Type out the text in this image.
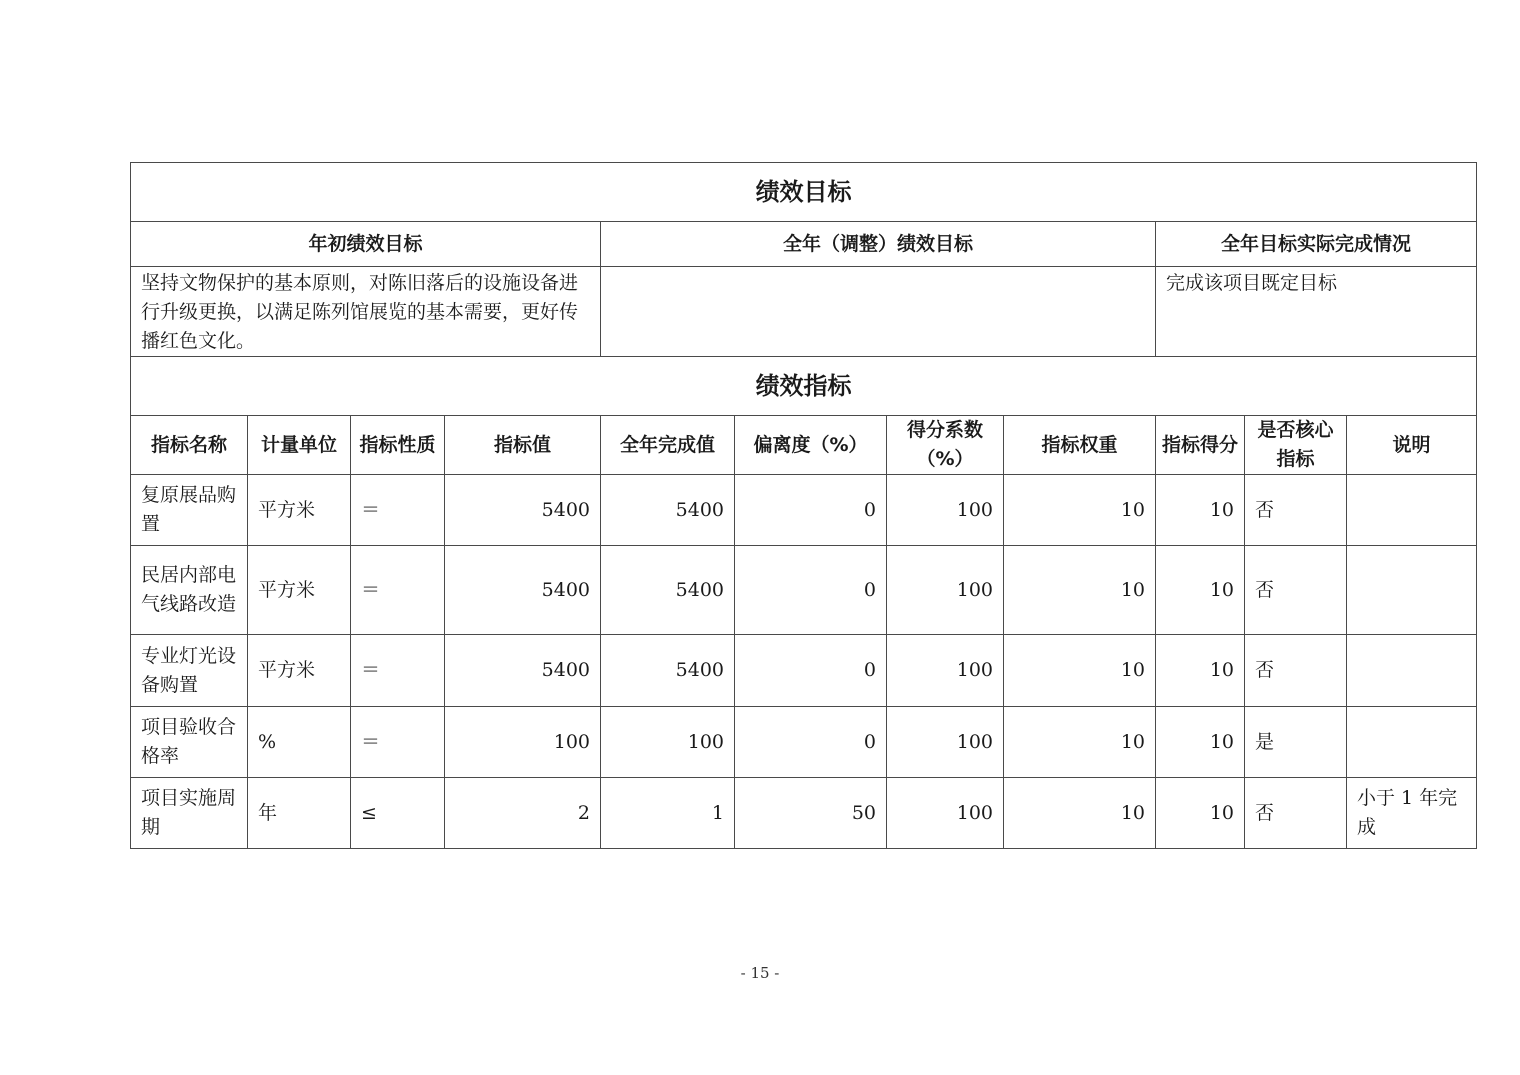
绩效目标										
年初绩效目标				全年（调整）绩效目标				全年目标实际完成情况		
坚持文物保护的基本原则，对陈旧落后的设施设备进行升级更换，以满足陈列馆展览的基本需要，更好传播红色文化。								完成该项目既定目标		
绩效指标										
指标名称	计量单位	指标性质	指标值	全年完成值	偏离度（%）	得分系数（%）	指标权重	指标得分	是否核心指标	说明
复原展品购置	平方米	＝	5400	5400	0	100	10	10	否	
民居内部电气线路改造	平方米	＝	5400	5400	0	100	10	10	否	
专业灯光设备购置	平方米	＝	5400	5400	0	100	10	10	否	
项目验收合格率	%	＝	100	100	0	100	10	10	是	
项目实施周期	年	≤	2	1	50	100	10	10	否	小于 1 年完成
- 15 -
